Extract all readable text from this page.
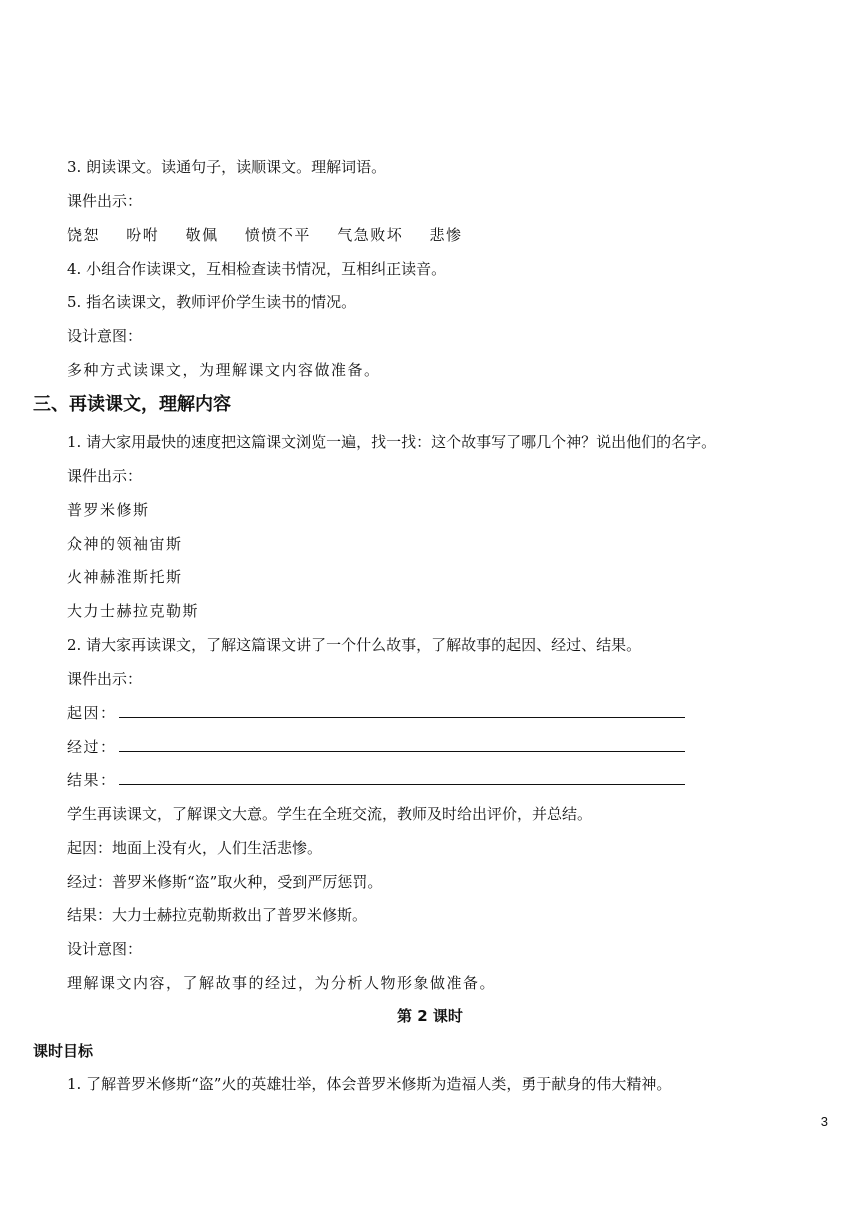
3. 朗读课文。读通句子，读顺课文。理解词语。
课件出示：
饶恕 吩咐 敬佩 愤愤不平 气急败坏 悲惨
4. 小组合作读课文，互相检查读书情况，互相纠正读音。
5. 指名读课文，教师评价学生读书的情况。
设计意图：
多种方式读课文，为理解课文内容做准备。
三、再读课文，理解内容
1. 请大家用最快的速度把这篇课文浏览一遍，找一找：这个故事写了哪几个神？说出他们的名字。
课件出示：
普罗米修斯
众神的领袖宙斯
火神赫淮斯托斯
大力士赫拉克勒斯
2. 请大家再读课文，了解这篇课文讲了一个什么故事，了解故事的起因、经过、结果。
课件出示：
起因：
经过：
结果：
学生再读课文，了解课文大意。学生在全班交流，教师及时给出评价，并总结。
起因：地面上没有火，人们生活悲惨。
经过：普罗米修斯“盗”取火种，受到严厉惩罚。
结果：大力士赫拉克勒斯救出了普罗米修斯。
设计意图：
理解课文内容，了解故事的经过，为分析人物形象做准备。
第 2 课时
课时目标
1. 了解普罗米修斯“盗”火的英雄壮举，体会普罗米修斯为造福人类，勇于献身的伟大精神。
3
